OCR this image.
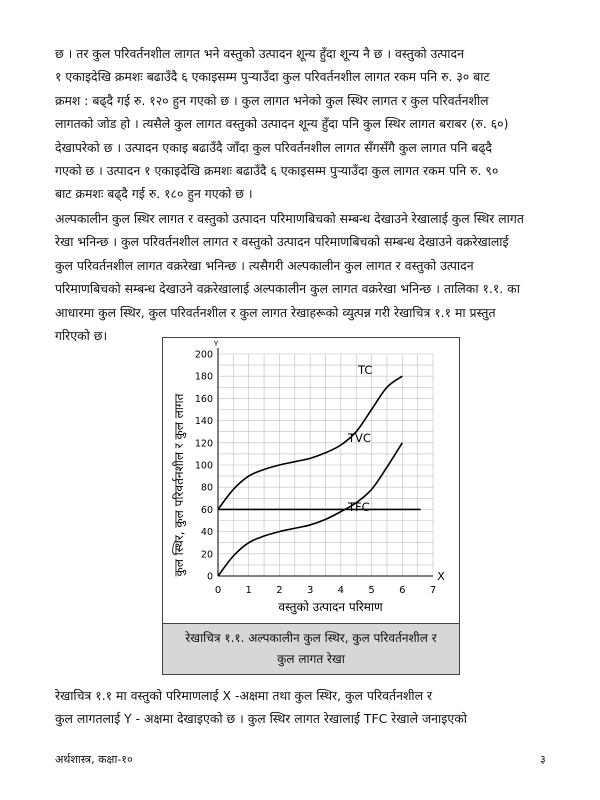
छ । तर कुल परिवर्तनशील लागत भने वस्तुको उत्पादन शून्य हुँदा शून्य नै छ । वस्तुको उत्पादन
१ एकाइदेखि क्रमशः बढाउँदै ६ एकाइसम्म पुऱ्याउँदा कुल परिवर्तनशील लागत रकम पनि रु. ३० बाट
क्रमश : बढ्दै गई रु. १२० हुन गएको छ । कुल लागत भनेको कुल स्थिर लागत र कुल परिवर्तनशील
लागतको जोड हो । त्यसैले कुल लागत वस्तुको उत्पादन शून्य हुँदा पनि कुल स्थिर लागत बराबर (रु. ६०)
देखापरेको छ । उत्पादन एकाइ बढाउँदै जाँदा कुल परिवर्तनशील लागत सँगसँगै कुल लागत पनि बढ्दै
गएको छ । उत्पादन १ एकाइदेखि क्रमशः बढाउँदै ६ एकाइसम्म पुऱ्याउँदा कुल लागत रकम पनि रु. ९०
बाट क्रमशः बढ्दै गई रु. १८० हुन गएको छ ।
अल्पकालीन कुल स्थिर लागत र वस्तुको उत्पादन परिमाणबिचको सम्बन्ध देखाउने रेखालाई कुल स्थिर लागत
रेखा भनिन्छ । कुल परिवर्तनशील लागत र वस्तुको उत्पादन परिमाणबिचको सम्बन्ध देखाउने वक्ररेखालाई
कुल परिवर्तनशील लागत वक्ररेखा भनिन्छ । त्यसैगरी अल्पकालीन कुल लागत र वस्तुको उत्पादन
परिमाणबिचको सम्बन्ध देखाउने वक्ररेखालाई अल्पकालीन कुल लागत वक्ररेखा भनिन्छ । तालिका १.१. का
आधारमा कुल स्थिर, कुल परिवर्तनशील र कुल लागत रेखाहरूको व्युत्पन्न गरी रेखाचित्र १.१ मा प्रस्तुत
गरिएको छ।
0 1 2 3 4 5 6 7
0
20
40
60
80
100
120
140
160
180
200
Y
X
वस्तुको उत्पादन परिमाण
कुल स्थिर, कुल परिवर्तनशील र कुल लागत
TC
TVC
TFC
रेखाचित्र १.१. अल्पकालीन कुल स्थिर, कुल परिवर्तनशील र
कुल लागत रेखा
रेखाचित्र १.१ मा वस्तुको परिमाणलाई X -अक्षमा तथा कुल स्थिर, कुल परिवर्तनशील र
कुल लागतलाई Y - अक्षमा देखाइएको छ । कुल स्थिर लागत रेखालाई TFC रेखाले जनाइएको
अर्थशास्त्र, कक्षा-१०	३
